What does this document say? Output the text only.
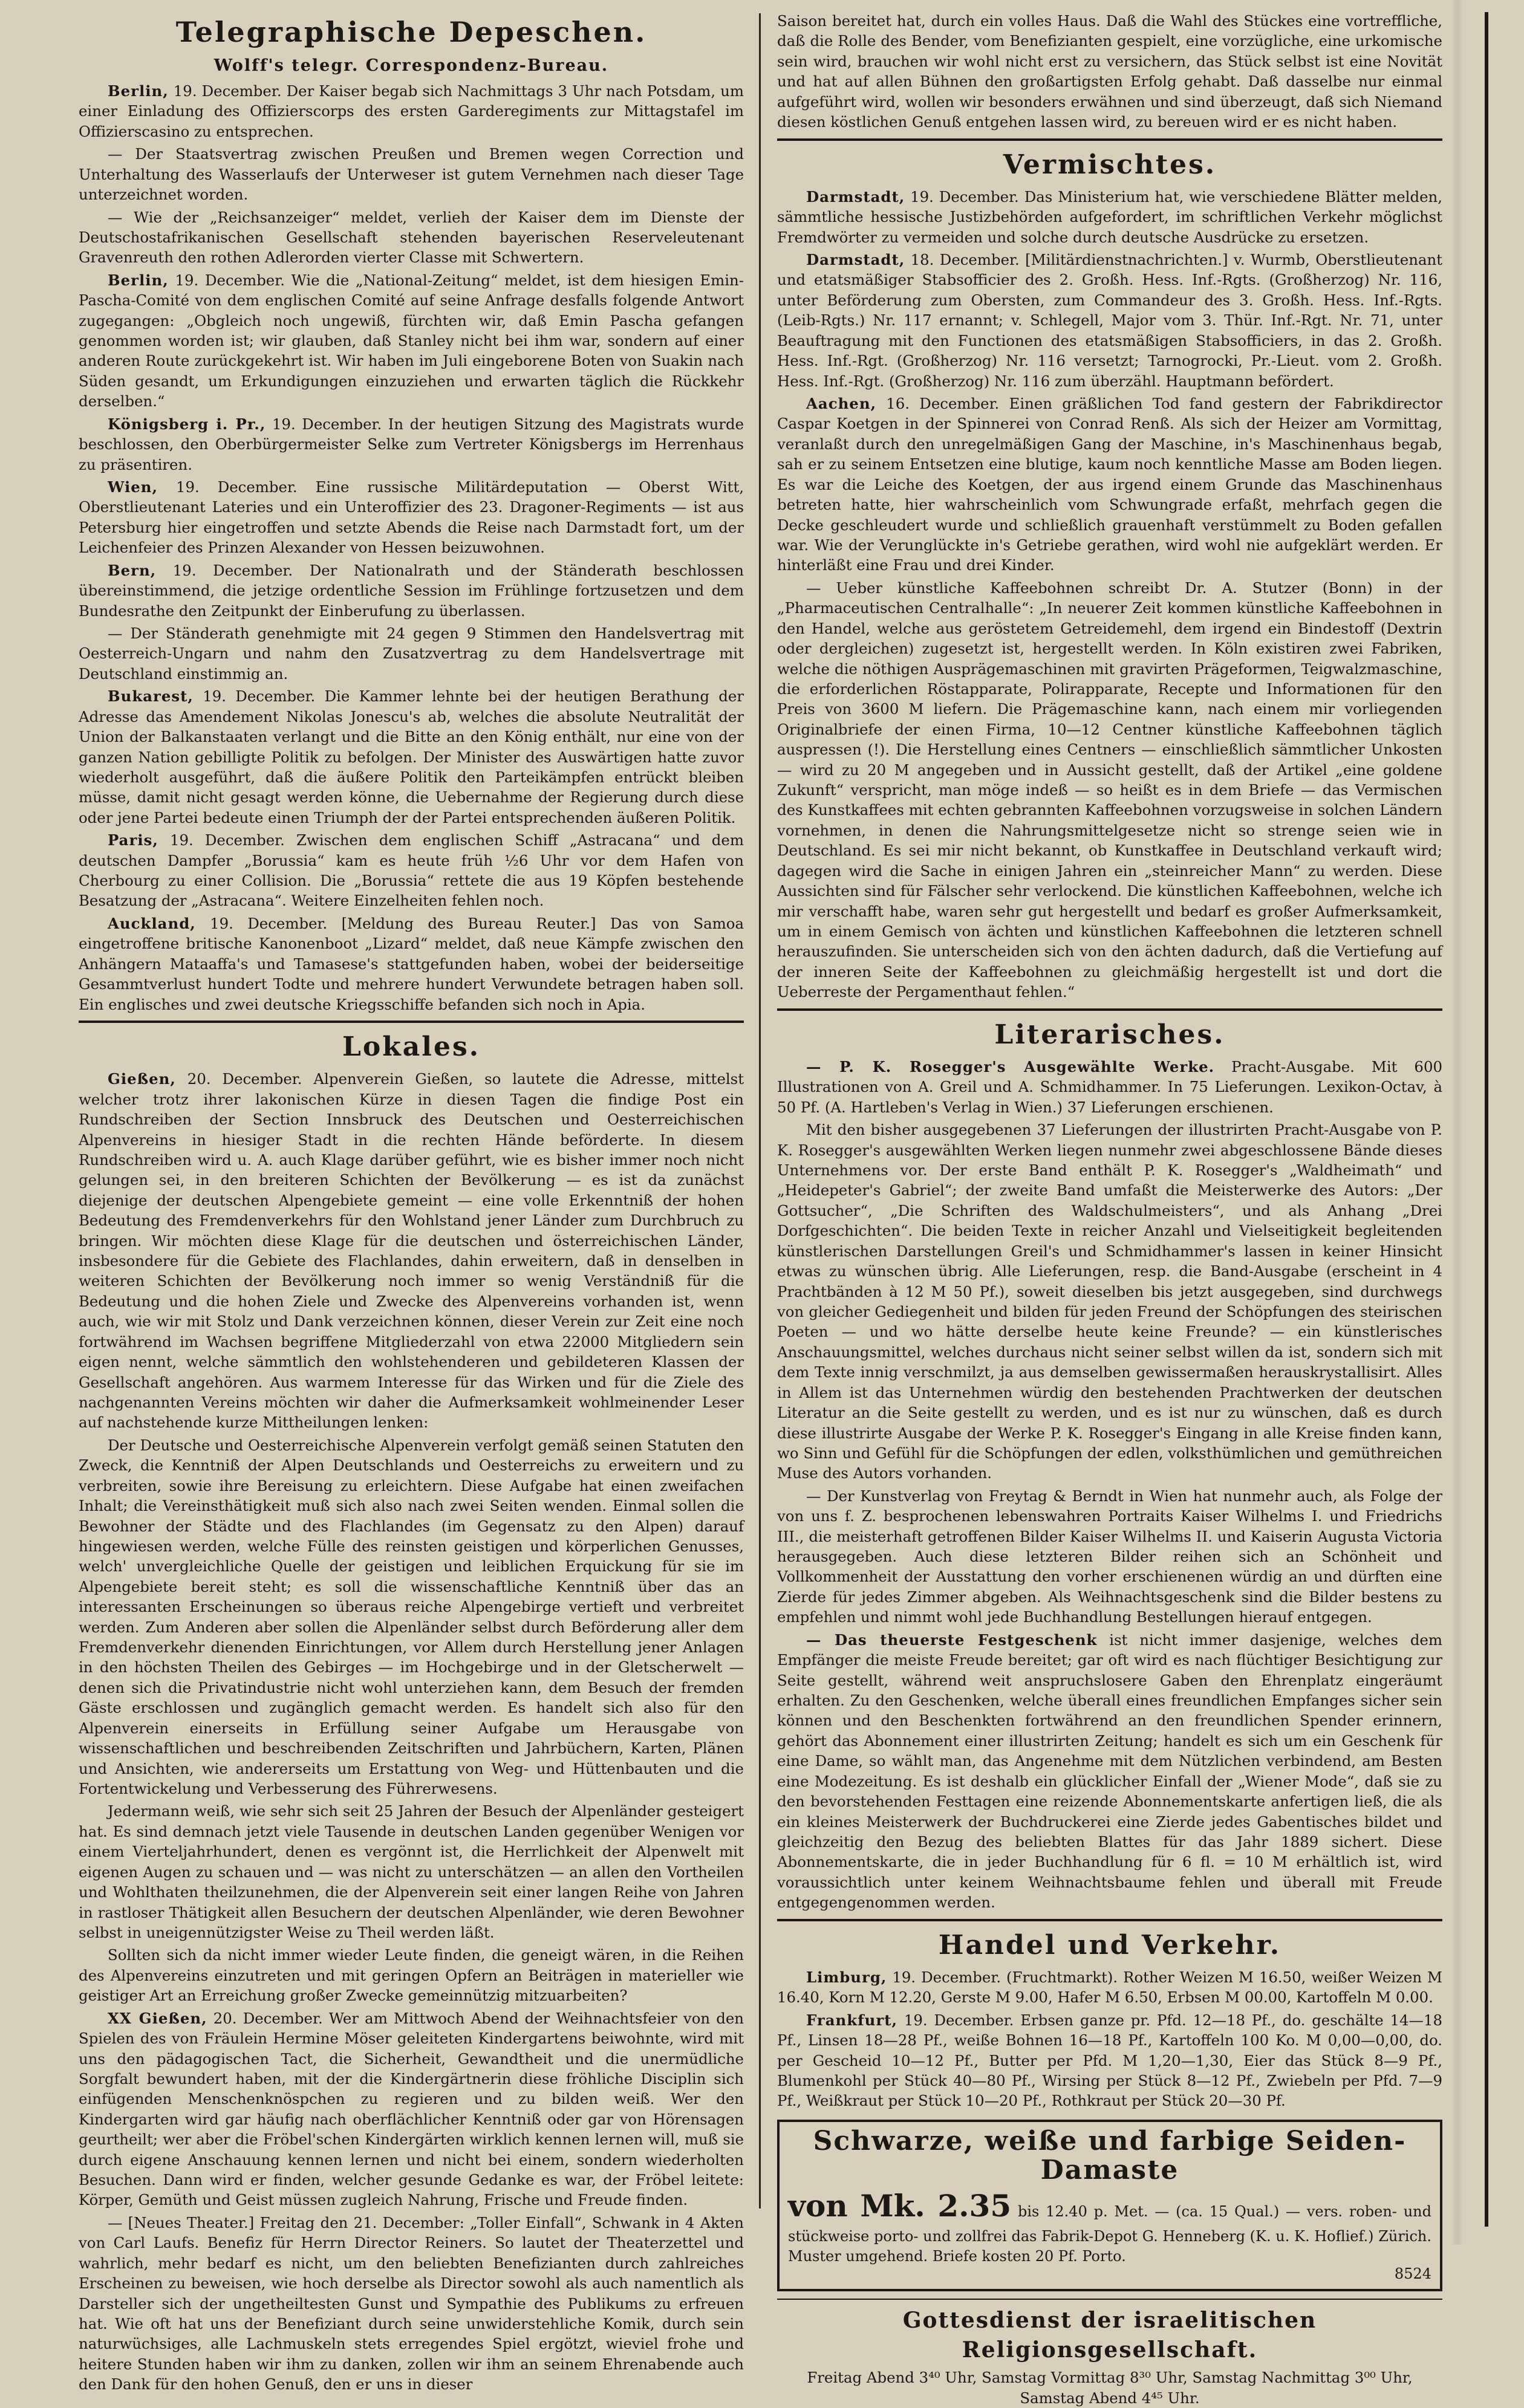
Telegraphische Depeschen.
Wolff's telegr. Correspondenz-Bureau.

Berlin, 19. December. Der Kaiser begab sich Nachmittags 3 Uhr nach Potsdam, um einer Einladung des Offizierscorps des ersten Garderegiments zur Mittagstafel im Offizierscasino zu entsprechen.

— Der Staatsvertrag zwischen Preußen und Bremen wegen Correction und Unterhaltung des Wasserlaufs der Unterweser ist gutem Vernehmen nach dieser Tage unterzeichnet worden.

— Wie der „Reichsanzeiger“ meldet, verlieh der Kaiser dem im Dienste der Deutschostafrikanischen Gesellschaft stehenden bayerischen Reserveleutenant Gravenreuth den rothen Adlerorden vierter Classe mit Schwertern.

Berlin, 19. December. Wie die „National-Zeitung“ meldet, ist dem hiesigen Emin-Pascha-Comité von dem englischen Comité auf seine Anfrage desfalls folgende Antwort zugegangen: „Obgleich noch ungewiß, fürchten wir, daß Emin Pascha gefangen genommen worden ist; wir glauben, daß Stanley nicht bei ihm war, sondern auf einer anderen Route zurückgekehrt ist. Wir haben im Juli eingeborene Boten von Suakin nach Süden gesandt, um Erkundigungen einzuziehen und erwarten täglich die Rückkehr derselben.“

Königsberg i. Pr., 19. December. In der heutigen Sitzung des Magistrats wurde beschlossen, den Oberbürgermeister Selke zum Vertreter Königsbergs im Herrenhaus zu präsentiren.

Wien, 19. December. Eine russische Militärdeputation — Oberst Witt, Oberstlieutenant Lateries und ein Unteroffizier des 23. Dragoner-Regiments — ist aus Petersburg hier eingetroffen und setzte Abends die Reise nach Darmstadt fort, um der Leichenfeier des Prinzen Alexander von Hessen beizuwohnen.

Bern, 19. December. Der Nationalrath und der Ständerath beschlossen übereinstimmend, die jetzige ordentliche Session im Frühlinge fortzusetzen und dem Bundesrathe den Zeitpunkt der Einberufung zu überlassen.

— Der Ständerath genehmigte mit 24 gegen 9 Stimmen den Handelsvertrag mit Oesterreich-Ungarn und nahm den Zusatzvertrag zu dem Handelsvertrage mit Deutschland einstimmig an.

Bukarest, 19. December. Die Kammer lehnte bei der heutigen Berathung der Adresse das Amendement Nikolas Jonescu's ab, welches die absolute Neutralität der Union der Balkanstaaten verlangt und die Bitte an den König enthält, nur eine von der ganzen Nation gebilligte Politik zu befolgen. Der Minister des Auswärtigen hatte zuvor wiederholt ausgeführt, daß die äußere Politik den Parteikämpfen entrückt bleiben müsse, damit nicht gesagt werden könne, die Uebernahme der Regierung durch diese oder jene Partei bedeute einen Triumph der der Partei entsprechenden äußeren Politik.

Paris, 19. December. Zwischen dem englischen Schiff „Astracana“ und dem deutschen Dampfer „Borussia“ kam es heute früh ½6 Uhr vor dem Hafen von Cherbourg zu einer Collision. Die „Borussia“ rettete die aus 19 Köpfen bestehende Besatzung der „Astracana“. Weitere Einzelheiten fehlen noch.

Auckland, 19. December. [Meldung des Bureau Reuter.] Das von Samoa eingetroffene britische Kanonenboot „Lizard“ meldet, daß neue Kämpfe zwischen den Anhängern Mataaffa's und Tamasese's stattgefunden haben, wobei der beiderseitige Gesammtverlust hundert Todte und mehrere hundert Verwundete betragen haben soll. Ein englisches und zwei deutsche Kriegsschiffe befanden sich noch in Apia.

Lokales.

Gießen, 20. December. Alpenverein Gießen, so lautete die Adresse, mittelst welcher trotz ihrer lakonischen Kürze in diesen Tagen die findige Post ein Rundschreiben der Section Innsbruck des Deutschen und Oesterreichischen Alpenvereins in hiesiger Stadt in die rechten Hände beförderte. In diesem Rundschreiben wird u. A. auch Klage darüber geführt, wie es bisher immer noch nicht gelungen sei, in den breiteren Schichten der Bevölkerung — es ist da zunächst diejenige der deutschen Alpengebiete gemeint — eine volle Erkenntniß der hohen Bedeutung des Fremdenverkehrs für den Wohlstand jener Länder zum Durchbruch zu bringen. Wir möchten diese Klage für die deutschen und österreichischen Länder, insbesondere für die Gebiete des Flachlandes, dahin erweitern, daß in denselben in weiteren Schichten der Bevölkerung noch immer so wenig Verständniß für die Bedeutung und die hohen Ziele und Zwecke des Alpenvereins vorhanden ist, wenn auch, wie wir mit Stolz und Dank verzeichnen können, dieser Verein zur Zeit eine noch fortwährend im Wachsen begriffene Mitgliederzahl von etwa 22000 Mitgliedern sein eigen nennt, welche sämmtlich den wohlstehenderen und gebildeteren Klassen der Gesellschaft angehören. Aus warmem Interesse für das Wirken und für die Ziele des nachgenannten Vereins möchten wir daher die Aufmerksamkeit wohlmeinender Leser auf nachstehende kurze Mittheilungen lenken:

Der Deutsche und Oesterreichische Alpenverein verfolgt gemäß seinen Statuten den Zweck, die Kenntniß der Alpen Deutschlands und Oesterreichs zu erweitern und zu verbreiten, sowie ihre Bereisung zu erleichtern. Diese Aufgabe hat einen zweifachen Inhalt; die Vereinsthätigkeit muß sich also nach zwei Seiten wenden. Einmal sollen die Bewohner der Städte und des Flachlandes (im Gegensatz zu den Alpen) darauf hingewiesen werden, welche Fülle des reinsten geistigen und körperlichen Genusses, welch' unvergleichliche Quelle der geistigen und leiblichen Erquickung für sie im Alpengebiete bereit steht; es soll die wissenschaftliche Kenntniß über das an interessanten Erscheinungen so überaus reiche Alpengebirge vertieft und verbreitet werden. Zum Anderen aber sollen die Alpenländer selbst durch Beförderung aller dem Fremdenverkehr dienenden Einrichtungen, vor Allem durch Herstellung jener Anlagen in den höchsten Theilen des Gebirges — im Hochgebirge und in der Gletscherwelt — denen sich die Privatindustrie nicht wohl unterziehen kann, dem Besuch der fremden Gäste erschlossen und zugänglich gemacht werden. Es handelt sich also für den Alpenverein einerseits in Erfüllung seiner Aufgabe um Herausgabe von wissenschaftlichen und beschreibenden Zeitschriften und Jahrbüchern, Karten, Plänen und Ansichten, wie andererseits um Erstattung von Weg- und Hüttenbauten und die Fortentwickelung und Verbesserung des Führerwesens.

Jedermann weiß, wie sehr sich seit 25 Jahren der Besuch der Alpenländer gesteigert hat. Es sind demnach jetzt viele Tausende in deutschen Landen gegenüber Wenigen vor einem Vierteljahrhundert, denen es vergönnt ist, die Herrlichkeit der Alpenwelt mit eigenen Augen zu schauen und — was nicht zu unterschätzen — an allen den Vortheilen und Wohlthaten theilzunehmen, die der Alpenverein seit einer langen Reihe von Jahren in rastloser Thätigkeit allen Besuchern der deutschen Alpenländer, wie deren Bewohner selbst in uneigennützigster Weise zu Theil werden läßt.

Sollten sich da nicht immer wieder Leute finden, die geneigt wären, in die Reihen des Alpenvereins einzutreten und mit geringen Opfern an Beiträgen in materieller wie geistiger Art an Erreichung großer Zwecke gemeinnützig mitzuarbeiten?

XX Gießen, 20. December. Wer am Mittwoch Abend der Weihnachtsfeier von den Spielen des von Fräulein Hermine Möser geleiteten Kindergartens beiwohnte, wird mit uns den pädagogischen Tact, die Sicherheit, Gewandtheit und die unermüdliche Sorgfalt bewundert haben, mit der die Kindergärtnerin diese fröhliche Disciplin sich einfügenden Menschenknöspchen zu regieren und zu bilden weiß. Wer den Kindergarten wird gar häufig nach oberflächlicher Kenntniß oder gar von Hörensagen geurtheilt; wer aber die Fröbel'schen Kindergärten wirklich kennen lernen will, muß sie durch eigene Anschauung kennen lernen und nicht bei einem, sondern wiederholten Besuchen. Dann wird er finden, welcher gesunde Gedanke es war, der Fröbel leitete: Körper, Gemüth und Geist müssen zugleich Nahrung, Frische und Freude finden.

— [Neues Theater.] Freitag den 21. December: „Toller Einfall“, Schwank in 4 Akten von Carl Laufs. Benefiz für Herrn Director Reiners. So lautet der Theaterzettel und wahrlich, mehr bedarf es nicht, um den beliebten Benefizianten durch zahlreiches Erscheinen zu beweisen, wie hoch derselbe als Director sowohl als auch namentlich als Darsteller sich der ungetheiltesten Gunst und Sympathie des Publikums zu erfreuen hat. Wie oft hat uns der Benefiziant durch seine unwiderstehliche Komik, durch sein naturwüchsiges, alle Lachmuskeln stets erregendes Spiel ergötzt, wieviel frohe und heitere Stunden haben wir ihm zu danken, zollen wir ihm an seinem Ehrenabende auch den Dank für den hohen Genuß, den er uns in dieser

Saison bereitet hat, durch ein volles Haus. Daß die Wahl des Stückes eine vortreffliche, daß die Rolle des Bender, vom Benefizianten gespielt, eine vorzügliche, eine urkomische sein wird, brauchen wir wohl nicht erst zu versichern, das Stück selbst ist eine Novität und hat auf allen Bühnen den großartigsten Erfolg gehabt. Daß dasselbe nur einmal aufgeführt wird, wollen wir besonders erwähnen und sind überzeugt, daß sich Niemand diesen köstlichen Genuß entgehen lassen wird, zu bereuen wird er es nicht haben.

Vermischtes.

Darmstadt, 19. December. Das Ministerium hat, wie verschiedene Blätter melden, sämmtliche hessische Justizbehörden aufgefordert, im schriftlichen Verkehr möglichst Fremdwörter zu vermeiden und solche durch deutsche Ausdrücke zu ersetzen.

Darmstadt, 18. December. [Militärdienstnachrichten.] v. Wurmb, Oberstlieutenant und etatsmäßiger Stabsofficier des 2. Großh. Hess. Inf.-Rgts. (Großherzog) Nr. 116, unter Beförderung zum Obersten, zum Commandeur des 3. Großh. Hess. Inf.-Rgts. (Leib-Rgts.) Nr. 117 ernannt; v. Schlegell, Major vom 3. Thür. Inf.-Rgt. Nr. 71, unter Beauftragung mit den Functionen des etatsmäßigen Stabsofficiers, in das 2. Großh. Hess. Inf.-Rgt. (Großherzog) Nr. 116 versetzt; Tarnogrocki, Pr.-Lieut. vom 2. Großh. Hess. Inf.-Rgt. (Großherzog) Nr. 116 zum überzähl. Hauptmann befördert.

Aachen, 16. December. Einen gräßlichen Tod fand gestern der Fabrikdirector Caspar Koetgen in der Spinnerei von Conrad Renß. Als sich der Heizer am Vormittag, veranlaßt durch den unregelmäßigen Gang der Maschine, in's Maschinenhaus begab, sah er zu seinem Entsetzen eine blutige, kaum noch kenntliche Masse am Boden liegen. Es war die Leiche des Koetgen, der aus irgend einem Grunde das Maschinenhaus betreten hatte, hier wahrscheinlich vom Schwungrade erfaßt, mehrfach gegen die Decke geschleudert wurde und schließlich grauenhaft verstümmelt zu Boden gefallen war. Wie der Verunglückte in's Getriebe gerathen, wird wohl nie aufgeklärt werden. Er hinterläßt eine Frau und drei Kinder.

— Ueber künstliche Kaffeebohnen schreibt Dr. A. Stutzer (Bonn) in der „Pharmaceutischen Centralhalle“: „In neuerer Zeit kommen künstliche Kaffeebohnen in den Handel, welche aus geröstetem Getreidemehl, dem irgend ein Bindestoff (Dextrin oder dergleichen) zugesetzt ist, hergestellt werden. In Köln existiren zwei Fabriken, welche die nöthigen Ausprägemaschinen mit gravirten Prägeformen, Teigwalzmaschine, die erforderlichen Röstapparate, Polirapparate, Recepte und Informationen für den Preis von 3600 M liefern. Die Prägemaschine kann, nach einem mir vorliegenden Originalbriefe der einen Firma, 10—12 Centner künstliche Kaffeebohnen täglich auspressen (!). Die Herstellung eines Centners — einschließlich sämmtlicher Unkosten — wird zu 20 M angegeben und in Aussicht gestellt, daß der Artikel „eine goldene Zukunft“ verspricht, man möge indeß — so heißt es in dem Briefe — das Vermischen des Kunstkaffees mit echten gebrannten Kaffeebohnen vorzugsweise in solchen Ländern vornehmen, in denen die Nahrungsmittelgesetze nicht so strenge seien wie in Deutschland. Es sei mir nicht bekannt, ob Kunstkaffee in Deutschland verkauft wird; dagegen wird die Sache in einigen Jahren ein „steinreicher Mann“ zu werden. Diese Aussichten sind für Fälscher sehr verlockend. Die künstlichen Kaffeebohnen, welche ich mir verschafft habe, waren sehr gut hergestellt und bedarf es großer Aufmerksamkeit, um in einem Gemisch von ächten und künstlichen Kaffeebohnen die letzteren schnell herauszufinden. Sie unterscheiden sich von den ächten dadurch, daß die Vertiefung auf der inneren Seite der Kaffeebohnen zu gleichmäßig hergestellt ist und dort die Ueberreste der Pergamenthaut fehlen.“

Literarisches.

— P. K. Rosegger's Ausgewählte Werke. Pracht-Ausgabe. Mit 600 Illustrationen von A. Greil und A. Schmidhammer. In 75 Lieferungen. Lexikon-Octav, à 50 Pf. (A. Hartleben's Verlag in Wien.) 37 Lieferungen erschienen.

Mit den bisher ausgegebenen 37 Lieferungen der illustrirten Pracht-Ausgabe von P. K. Rosegger's ausgewählten Werken liegen nunmehr zwei abgeschlossene Bände dieses Unternehmens vor. Der erste Band enthält P. K. Rosegger's „Waldheimath“ und „Heidepeter's Gabriel“; der zweite Band umfaßt die Meisterwerke des Autors: „Der Gottsucher“, „Die Schriften des Waldschulmeisters“, und als Anhang „Drei Dorfgeschichten“. Die beiden Texte in reicher Anzahl und Vielseitigkeit begleitenden künstlerischen Darstellungen Greil's und Schmidhammer's lassen in keiner Hinsicht etwas zu wünschen übrig. Alle Lieferungen, resp. die Band-Ausgabe (erscheint in 4 Prachtbänden à 12 M 50 Pf.), soweit dieselben bis jetzt ausgegeben, sind durchwegs von gleicher Gediegenheit und bilden für jeden Freund der Schöpfungen des steirischen Poeten — und wo hätte derselbe heute keine Freunde? — ein künstlerisches Anschauungsmittel, welches durchaus nicht seiner selbst willen da ist, sondern sich mit dem Texte innig verschmilzt, ja aus demselben gewissermaßen herauskrystallisirt. Alles in Allem ist das Unternehmen würdig den bestehenden Prachtwerken der deutschen Literatur an die Seite gestellt zu werden, und es ist nur zu wünschen, daß es durch diese illustrirte Ausgabe der Werke P. K. Rosegger's Eingang in alle Kreise finden kann, wo Sinn und Gefühl für die Schöpfungen der edlen, volksthümlichen und gemüthreichen Muse des Autors vorhanden.

— Der Kunstverlag von Freytag & Berndt in Wien hat nunmehr auch, als Folge der von uns f. Z. besprochenen lebenswahren Portraits Kaiser Wilhelms I. und Friedrichs III., die meisterhaft getroffenen Bilder Kaiser Wilhelms II. und Kaiserin Augusta Victoria herausgegeben. Auch diese letzteren Bilder reihen sich an Schönheit und Vollkommenheit der Ausstattung den vorher erschienenen würdig an und dürften eine Zierde für jedes Zimmer abgeben. Als Weihnachtsgeschenk sind die Bilder bestens zu empfehlen und nimmt wohl jede Buchhandlung Bestellungen hierauf entgegen.

— Das theuerste Festgeschenk ist nicht immer dasjenige, welches dem Empfänger die meiste Freude bereitet; gar oft wird es nach flüchtiger Besichtigung zur Seite gestellt, während weit anspruchslosere Gaben den Ehrenplatz eingeräumt erhalten. Zu den Geschenken, welche überall eines freundlichen Empfanges sicher sein können und den Beschenkten fortwährend an den freundlichen Spender erinnern, gehört das Abonnement einer illustrirten Zeitung; handelt es sich um ein Geschenk für eine Dame, so wählt man, das Angenehme mit dem Nützlichen verbindend, am Besten eine Modezeitung. Es ist deshalb ein glücklicher Einfall der „Wiener Mode“, daß sie zu den bevorstehenden Festtagen eine reizende Abonnementskarte anfertigen ließ, die als ein kleines Meisterwerk der Buchdruckerei eine Zierde jedes Gabentisches bildet und gleichzeitig den Bezug des beliebten Blattes für das Jahr 1889 sichert. Diese Abonnementskarte, die in jeder Buchhandlung für 6 fl. = 10 M erhältlich ist, wird voraussichtlich unter keinem Weihnachtsbaume fehlen und überall mit Freude entgegengenommen werden.

Handel und Verkehr.

Limburg, 19. December. (Fruchtmarkt). Rother Weizen M 16.50, weißer Weizen M 16.40, Korn M 12.20, Gerste M 9.00, Hafer M 6.50, Erbsen M 00.00, Kartoffeln M 0.00.

Frankfurt, 19. December. Erbsen ganze pr. Pfd. 12—18 Pf., do. geschälte 14—18 Pf., Linsen 18—28 Pf., weiße Bohnen 16—18 Pf., Kartoffeln 100 Ko. M 0,00—0,00, do. per Gescheid 10—12 Pf., Butter per Pfd. M 1,20—1,30, Eier das Stück 8—9 Pf., Blumenkohl per Stück 40—80 Pf., Wirsing per Stück 8—12 Pf., Zwiebeln per Pfd. 7—9 Pf., Weißkraut per Stück 10—20 Pf., Rothkraut per Stück 20—30 Pf.

Schwarze, weiße und farbige Seiden-Damaste
von Mk. 2.35 bis 12.40 p. Met. — (ca. 15 Qual.) — vers. roben- und stückweise porto- und zollfrei das Fabrik-Depot G. Henneberg (K. u. K. Hoflief.) Zürich. Muster umgehend. Briefe kosten 20 Pf. Porto.
8524

Gottesdienst der israelitischen Religionsgesellschaft.

Freitag Abend 3⁴⁰ Uhr, Samstag Vormittag 8³⁰ Uhr, Samstag Nachmittag 3⁰⁰ Uhr, Samstag Abend 4⁴⁵ Uhr.
